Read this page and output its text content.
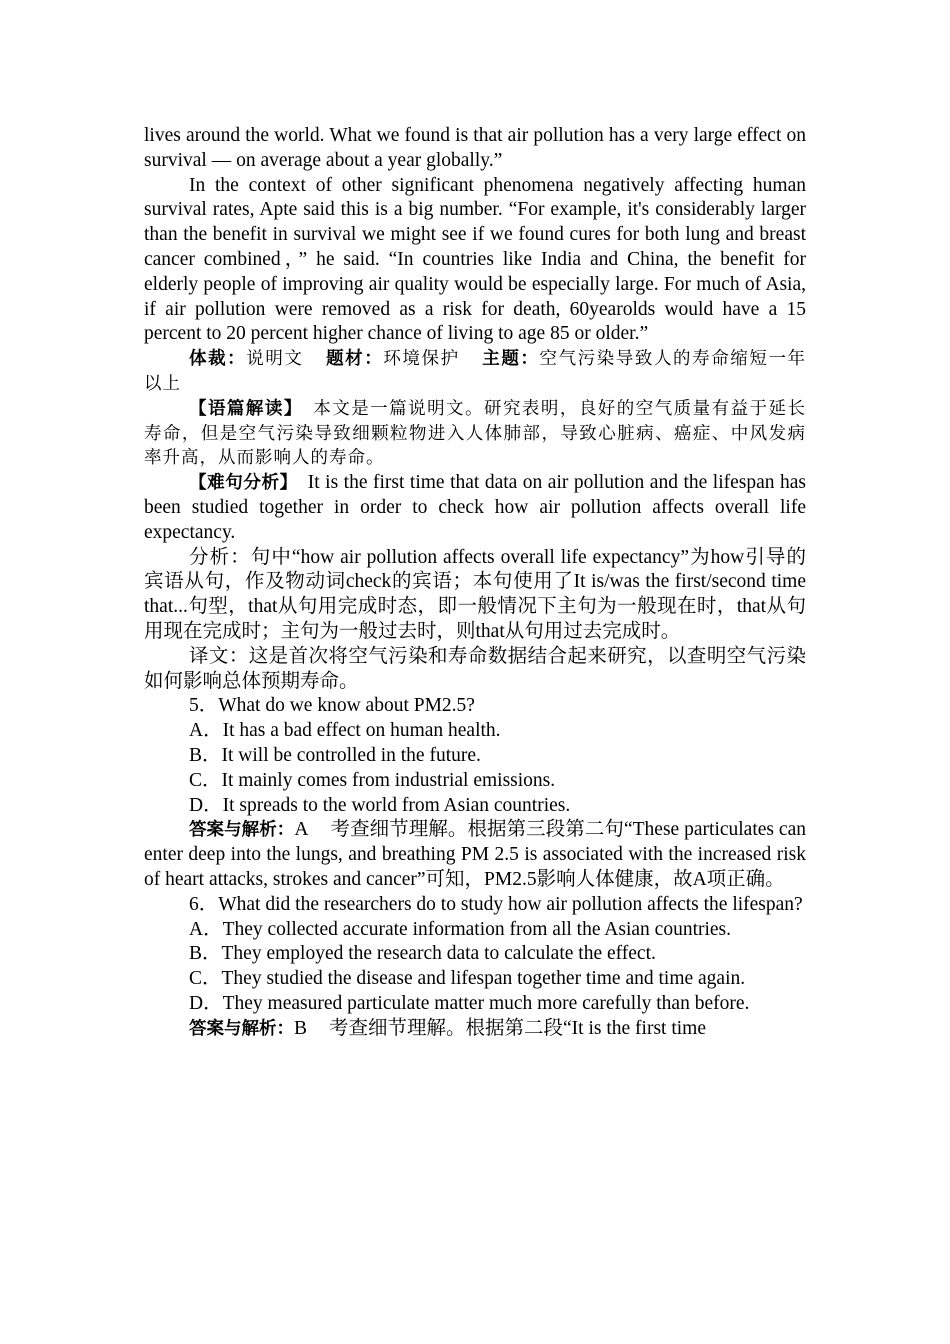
lives around the world. What we found is that air pollution has a very large effect on survival — on average about a year globally.”

In the context of other significant phenomena negatively affecting human survival rates, Apte said this is a big number. “For example, it's considerably larger than the benefit in survival we might see if we found cures for both lung and breast cancer combined，” he said. “In countries like India and China, the benefit for elderly people of improving air quality would be especially large. For much of Asia, if air pollution were removed as a risk for death, 60yearolds would have a 15 percent to 20 percent higher chance of living to age 85 or older.”

体裁：说明文 题材：环境保护 主题：空气污染导致人的寿命缩短一年以上

【语篇解读】 本文是一篇说明文。研究表明，良好的空气质量有益于延长寿命，但是空气污染导致细颗粒物进入人体肺部，导致心脏病、癌症、中风发病率升高，从而影响人的寿命。

【难句分析】 It is the first time that data on air pollution and the lifespan has been studied together in order to check how air pollution affects overall life expectancy.

分析：句中“how air pollution affects overall life expectancy”为how引导的宾语从句，作及物动词check的宾语；本句使用了It is/was the first/second time that...句型，that从句用完成时态，即一般情况下主句为一般现在时，that从句用现在完成时；主句为一般过去时，则that从句用过去完成时。

译文：这是首次将空气污染和寿命数据结合起来研究，以查明空气污染如何影响总体预期寿命。

5．What do we know about PM2.5?

A．It has a bad effect on human health.

B．It will be controlled in the future.

C．It mainly comes from industrial emissions.

D．It spreads to the world from Asian countries.

答案与解析：A 考查细节理解。根据第三段第二句“These particulates can enter deep into the lungs, and breathing PM 2.5 is associated with the increased risk of heart attacks, strokes and cancer”可知，PM2.5影响人体健康，故A项正确。

6．What did the researchers do to study how air pollution affects the lifespan?

A．They collected accurate information from all the Asian countries.

B．They employed the research data to calculate the effect.

C．They studied the disease and lifespan together time and time again.

D．They measured particulate matter much more carefully than before.

答案与解析：B 考查细节理解。根据第二段“It is the first time
